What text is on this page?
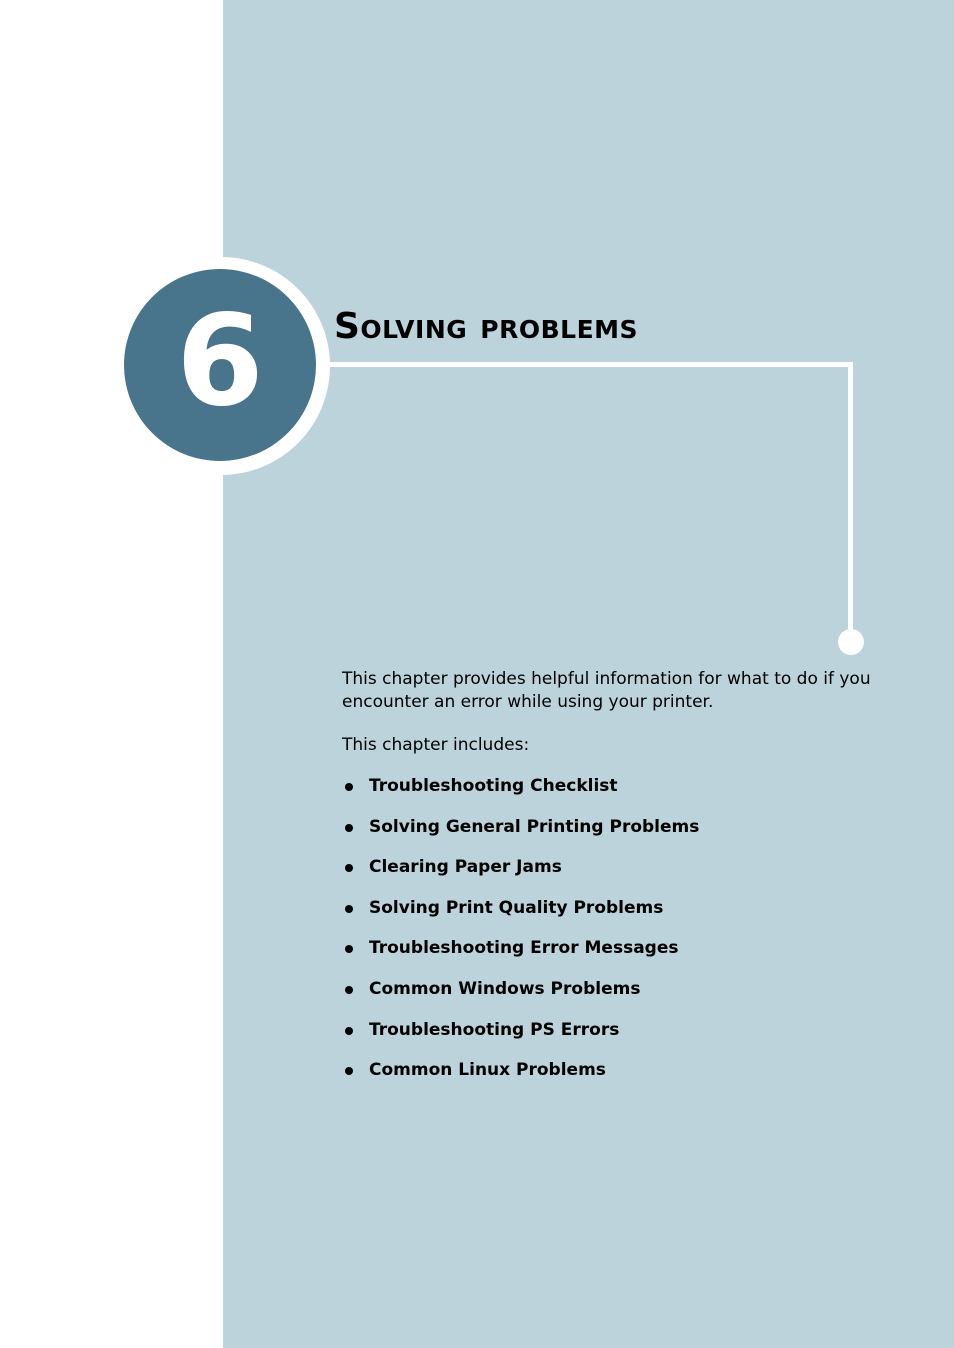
6 Solving problems

This chapter provides helpful information for what to do if you encounter an error while using your printer.

This chapter includes:

Troubleshooting Checklist
Solving General Printing Problems
Clearing Paper Jams
Solving Print Quality Problems
Troubleshooting Error Messages
Common Windows Problems
Troubleshooting PS Errors
Common Linux Problems
